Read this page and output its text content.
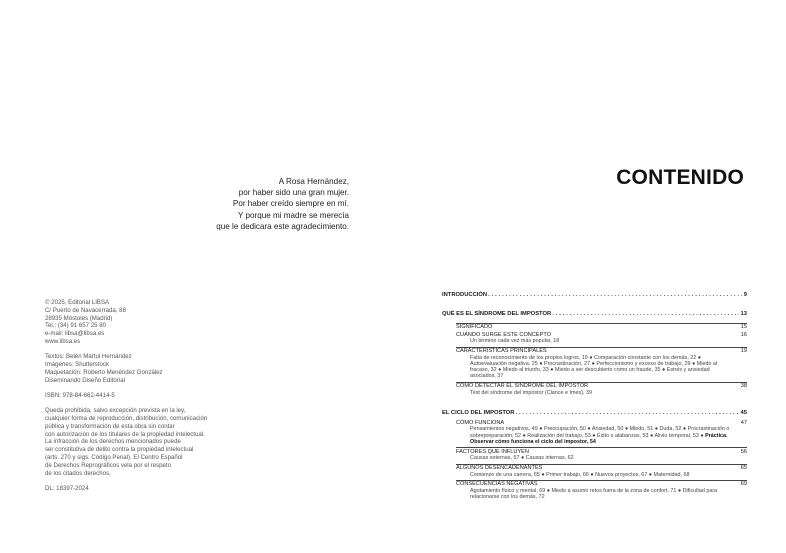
A Rosa Hernández,
por haber sido una gran mujer.
Por haber creído siempre en mí.
Y porque mi madre se merecía
que le dedicara este agradecimiento.
© 2025, Editorial LIBSA
C/ Puerto de Navacerrada, 88
28935 Móstoles (Madrid)
Tel.: (34) 91 657 25 80
e-mail: libsa@libsa.es
www.libsa.es
Textos: Belén Martul Hernández
Imágenes: Shutterstock
Maquetación: Roberto Menéndez González
Diseminando Diseño Editorial
ISBN: 978-84-662-4414-5
Queda prohibida, salvo excepción prevista en la ley,
cualquier forma de reproducción, distribución, comunicación
pública y transformación de esta obra sin contar
con autorización de los titulares de la propiedad intelectual.
La infracción de los derechos mencionados puede
ser constitutiva de delito contra la propiedad intelectual
(arts. 270 y sigs. Código Penal). El Centro Español
de Derechos Reprográficos vela por el respeto
de los citados derechos.
DL: 18397-2024
CONTENIDO
INTRODUCCIÓN .....	9
QUÉ ES EL SÍNDROME DEL IMPOSTOR .....	13
SIGNIFICADO	15
CUÁNDO SURGE ESTE CONCEPTO	16
Un término cada vez más popular, 18
CARACTERÍSTICAS PRINCIPALES	19
Falta de reconocimiento de los propios logros, 19 ● Comparación constante con los demás, 22 ● Autoevaluación negativa, 25 ● Procrastinación, 27 ● Perfeccionismo y exceso de trabajo, 29 ● Miedo al fracaso, 32 ● Miedo al triunfo, 33 ● Miedo a ser descubierto como un fraude, 35 ● Estrés y ansiedad asociados, 37
CÓMO DETECTAR EL SÍNDROME DEL IMPOSTOR	38
Test del síndrome del impostor (Clance e Imes), 39
EL CICLO DEL IMPOSTOR .....	45
CÓMO FUNCIONA	47
Pensamientos negativos, 49 ● Preocupación, 50 ● Ansiedad, 50 ● Miedo, 51 ● Duda, 52 ● Procrastinación o sobrepreparación, 52 ● Realización del trabajo, 53 ● Éxito o alabanzas, 53 ● Alivio temporal, 53 ● Práctica. Observar cómo funciona el ciclo del impostor, 54
FACTORES QUE INFLUYEN	56
Causas externas, 57 ● Causas internas, 62
ALGUNOS DESENCADENANTES	65
Comienzo de una carrera, 65 ● Primer trabajo, 66 ● Nuevos proyectos, 67 ● Maternidad, 68
CONSECUENCIAS NEGATIVAS	69
Agotamiento físico y mental, 69 ● Miedo a asumir retos fuera de la zona de confort, 71 ● Dificultad para relacionarse con los demás, 72
